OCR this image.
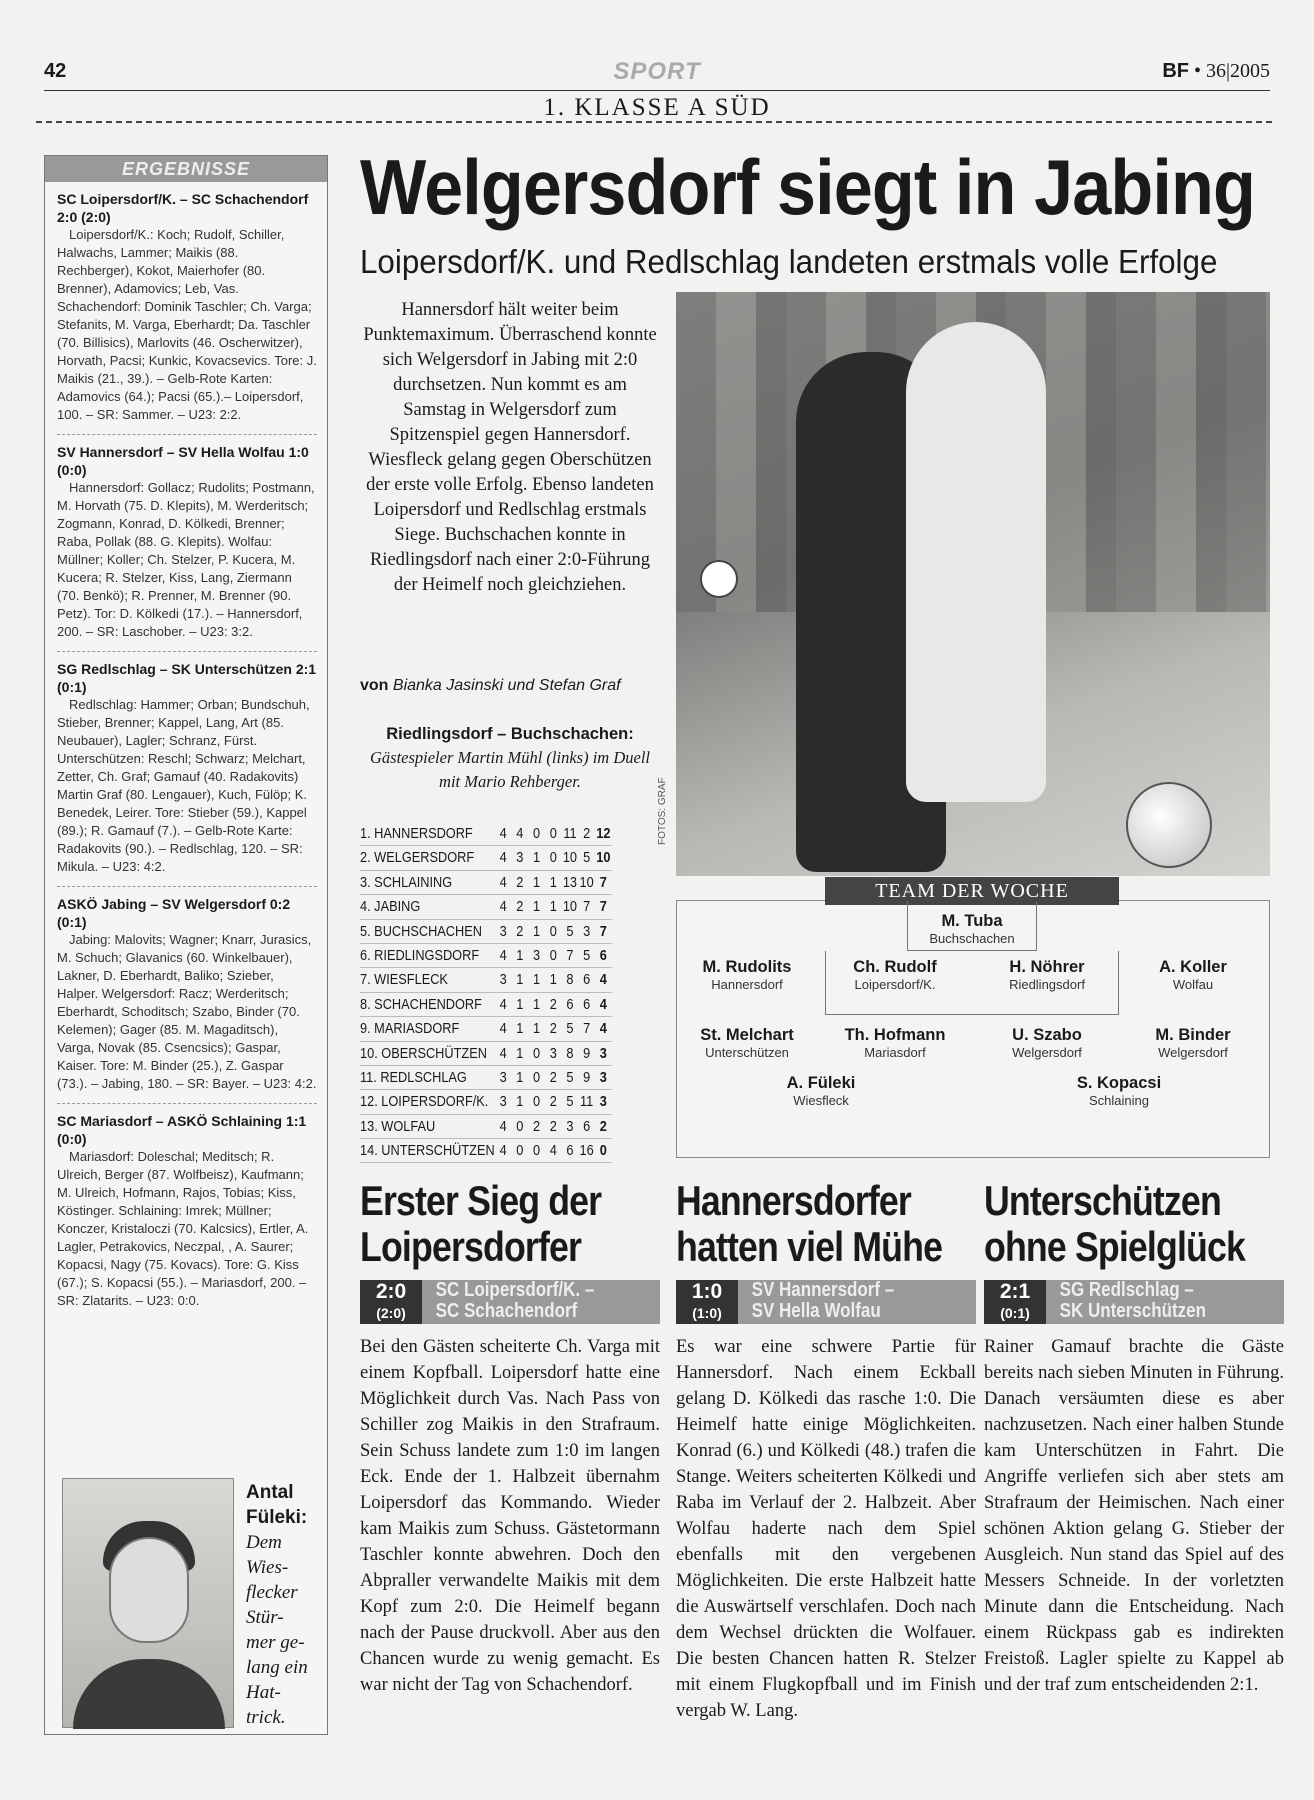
42	SPORT	BF • 36|2005
1. KLASSE A SÜD
ERGEBNISSE
SC Loipersdorf/K. – SC Schachendorf 2:0 (2:0)
Loipersdorf/K.: Koch; Rudolf, Schiller, Halwachs, Lammer; Maikis (88. Rechberger), Kokot, Maierhofer (80. Brenner), Adamovics; Leb, Vas. Schachendorf: Dominik Taschler; Ch. Varga; Stefanits, M. Varga, Eberhardt; Da. Taschler (70. Billisics), Marlovits (46. Oscherwitzer), Horvath, Pacsi; Kunkic, Kovacsevics. Tore: J. Maikis (21., 39.). – Gelb-Rote Karten: Adamovics (64.); Pacsi (65.).– Loipersdorf, 100. – SR: Sammer. – U23: 2:2.
SV Hannersdorf – SV Hella Wolfau 1:0 (0:0)
Hannersdorf: Gollacz; Rudolits; Postmann, M. Horvath (75. D. Klepits), M. Werderitsch; Zogmann, Konrad, D. Kölkedi, Brenner; Raba, Pollak (88. G. Klepits). Wolfau: Müllner; Koller; Ch. Stelzer, P. Kucera, M. Kucera; R. Stelzer, Kiss, Lang, Ziermann (70. Benkö); R. Prenner, M. Brenner (90. Petz). Tor: D. Kölkedi (17.). – Hannersdorf, 200. – SR: Laschober. – U23: 3:2.
SG Redlschlag – SK Unterschützen 2:1 (0:1)
Redlschlag: Hammer; Orban; Bundschuh, Stieber, Brenner; Kappel, Lang, Art (85. Neubauer), Lagler; Schranz, Fürst. Unterschützen: Reschl; Schwarz; Melchart, Zetter, Ch. Graf; Gamauf (40. Radakovits) Martin Graf (80. Lengauer), Kuch, Fülöp; K. Benedek, Leirer. Tore: Stieber (59.), Kappel (89.); R. Gamauf (7.). – Gelb-Rote Karte: Radakovits (90.). – Redlschlag, 120. – SR: Mikula. – U23: 4:2.
ASKÖ Jabing – SV Welgersdorf 0:2 (0:1)
Jabing: Malovits; Wagner; Knarr, Jurasics, M. Schuch; Glavanics (60. Winkelbauer), Lakner, D. Eberhardt, Baliko; Szieber, Halper. Welgersdorf: Racz; Werderitsch; Eberhardt, Schoditsch; Szabo, Binder (70. Kelemen); Gager (85. M. Magaditsch), Varga, Novak (85. Csencsics); Gaspar, Kaiser. Tore: M. Binder (25.), Z. Gaspar (73.). – Jabing, 180. – SR: Bayer. – U23: 4:2.
SC Mariasdorf – ASKÖ Schlaining 1:1 (0:0)
Mariasdorf: Doleschal; Meditsch; R. Ulreich, Berger (87. Wolfbeisz), Kaufmann; M. Ulreich, Hofmann, Rajos, Tobias; Kiss, Köstinger. Schlaining: Imrek; Müllner; Konczer, Kristaloczi (70. Kalcsics), Ertler, A. Lagler, Petrakovics, Neczpal, , A. Saurer; Kopacsi, Nagy (75. Kovacs). Tore: G. Kiss (67.); S. Kopacsi (55.). – Mariasdorf, 200. – SR: Zlatarits. – U23: 0:0.
Antal
Füleki:
Dem
Wies-
flecker
Stür-
mer ge-
lang ein
Hat-
trick.
Welgersdorf siegt in Jabing
Loipersdorf/K. und Redlschlag landeten erstmals volle Erfolge
Hannersdorf hält weiter beim Punktemaximum. Überraschend konnte sich Welgersdorf in Jabing mit 2:0 durchsetzen. Nun kommt es am Samstag in Welgersdorf zum Spitzenspiel gegen Hannersdorf. Wiesfleck gelang gegen Oberschützen der erste volle Erfolg. Ebenso landeten Loipersdorf und Redlschlag erstmals Siege. Buchschachen konnte in Riedlingsdorf nach einer 2:0-Führung der Heimelf noch gleichziehen.
von Bianka Jasinski und Stefan Graf
Riedlingsdorf – Buchschachen:
Gästespieler Martin Mühl (links) im Duell mit Mario Rehberger.	FOTOS: GRAF
1. HANNERSDORF	4 4 0 0 11 2 12
2. WELGERSDORF	4 3 1 0 10 5 10
3. SCHLAINING	4 2 1 1 13 10 7
4. JABING	4 2 1 1 10 7 7
5. BUCHSCHACHEN	3 2 1 0 5 3 7
6. RIEDLINGSDORF	4 1 3 0 7 5 6
7. WIESFLECK	3 1 1 1 8 6 4
8. SCHACHENDORF	4 1 1 2 6 6 4
9. MARIASDORF	4 1 1 2 5 7 4
10. OBERSCHÜTZEN 4 1 0 3 8 9 3
11. REDLSCHLAG	3 1 0 2 5 9 3
12. LOIPERSDORF/K. 3 1 0 2 5 11 3
13. WOLFAU	4 0 2 2 3 6 2
14. UNTERSCHÜTZEN 4 0 0 4 6 16 0
TEAM DER WOCHE
M. Tuba
Buchschachen
M. Rudolits
Hannersdorf
Ch. Rudolf
Loipersdorf/K.
H. Nöhrer
Riedlingsdorf
A. Koller
Wolfau
St. Melchart
Unterschützen
Th. Hofmann
Mariasdorf
U. Szabo
Welgersdorf
M. Binder
Welgersdorf
A. Füleki
Wiesfleck
S. Kopacsi
Schlaining
Erster Sieg der
Loipersdorfer
2:0
(2:0)
SC Loipersdorf/K. –
SC Schachendorf
Bei den Gästen scheiterte Ch. Varga mit einem Kopfball. Loipersdorf hatte eine Möglichkeit durch Vas. Nach Pass von Schiller zog Maikis in den Strafraum. Sein Schuss landete zum 1:0 im langen Eck. Ende der 1. Halbzeit übernahm Loipersdorf das Kommando. Wieder kam Maikis zum Schuss. Gästetormann Taschler konnte abwehren. Doch den Abpraller verwandelte Maikis mit dem Kopf zum 2:0. Die Heimelf begann nach der Pause druckvoll. Aber aus den Chancen wurde zu wenig gemacht. Es war nicht der Tag von Schachendorf.
Hannersdorfer
hatten viel Mühe
1:0
(1:0)
SV Hannersdorf –
SV Hella Wolfau
Es war eine schwere Partie für Hannersdorf. Nach einem Eckball gelang D. Kölkedi das rasche 1:0. Die Heimelf hatte einige Möglichkeiten. Konrad (6.) und Kölkedi (48.) trafen die Stange. Weiters scheiterten Kölkedi und Raba im Verlauf der 2. Halbzeit. Aber Wolfau haderte nach dem Spiel ebenfalls mit den vergebenen Möglichkeiten. Die erste Halbzeit hatte die Auswärtself verschlafen. Doch nach dem Wechsel drückten die Wolfauer. Die besten Chancen hatten R. Stelzer mit einem Flugkopfball und im Finish vergab W. Lang.
Unterschützen
ohne Spielglück
2:1
(0:1)
SG Redlschlag –
SK Unterschützen
Rainer Gamauf brachte die Gäste bereits nach sieben Minuten in Führung. Danach versäumten diese es aber nachzusetzen. Nach einer halben Stunde kam Unterschützen in Fahrt. Die Angriffe verliefen sich aber stets am Strafraum der Heimischen. Nach einer schönen Aktion gelang G. Stieber der Ausgleich. Nun stand das Spiel auf des Messers Schneide. In der vorletzten Minute dann die Entscheidung. Nach einem Rückpass gab es indirekten Freistoß. Lagler spielte zu Kappel ab und der traf zum entscheidenden 2:1.
